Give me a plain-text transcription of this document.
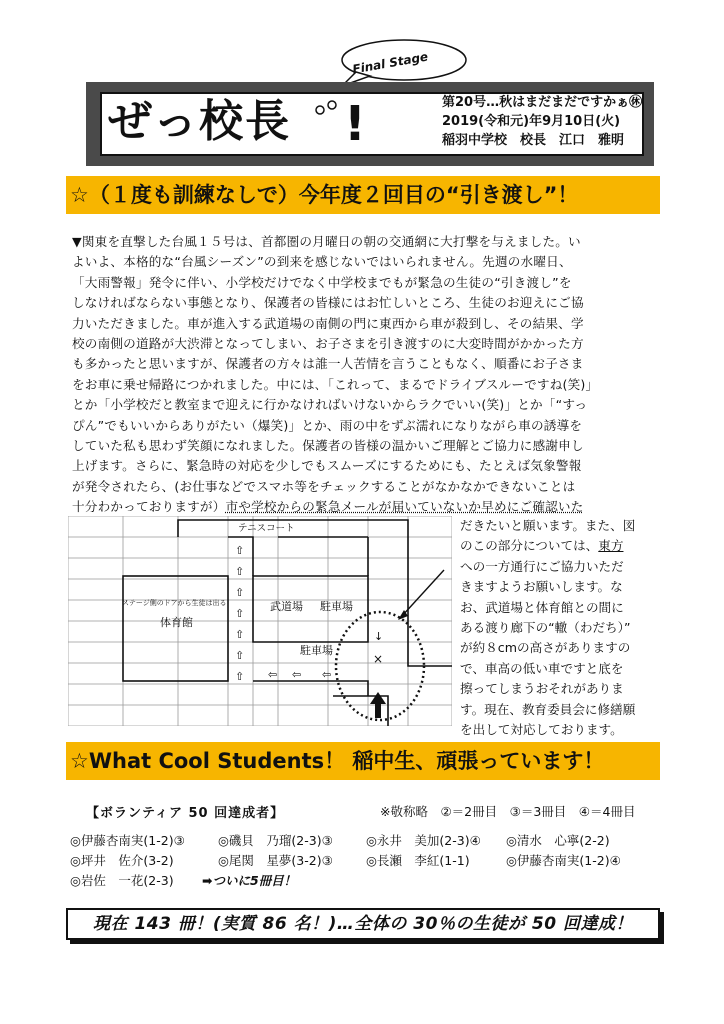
Final Stage
ぜっ校長 !	第20号…秋はまだまだですかぁ㊡
2019(令和元)年9月10日(火)
稲羽中学校　校長　江口　雅明
☆（１度も訓練なしで）今年度２回目の“引き渡し”！
▼関東を直撃した台風１５号は、首都圏の月曜日の朝の交通網に大打撃を与えました。い
よいよ、本格的な“台風シーズン”の到来を感じないではいられません。先週の水曜日、
「大雨警報」発令に伴い、小学校だけでなく中学校までもが緊急の生徒の“引き渡し”を
しなければならない事態となり、保護者の皆様にはお忙しいところ、生徒のお迎えにご協
力いただきました。車が進入する武道場の南側の門に東西から車が殺到し、その結果、学
校の南側の道路が大渋滞となってしまい、お子さまを引き渡すのに大変時間がかかった方
も多かったと思いますが、保護者の方々は誰一人苦情を言うこともなく、順番にお子さま
をお車に乗せ帰路につかれました。中には､「これって、まるでドライブスルーですね(笑)」
とか「小学校だと教室まで迎えに行かなければいけないからラクでいい(笑)」とか「“すっ
ぴん”でもいいからありがたい（爆笑)」とか、雨の中をずぶ濡れになりながら車の誘導を
していた私も思わず笑顔になれました。保護者の皆様の温かいご理解とご協力に感謝申し
上げます。さらに、緊急時の対応を少しでもスムーズにするためにも、たとえば気象警報
が発令されたら、(お仕事などでスマホ等をチェックすることがなかなかできないことは
十分わかっておりますが）市や学校からの緊急メールが届いていないか早めにご確認いた
だきたいと願います。また、図
のこの部分については、東方
への一方通行にご協力いただ
きますようお願いします。な
お、武道場と体育館との間に
ある渡り廊下の“轍（わだち）”
が約８cmの高さがありますの
で、車高の低い車ですと底を
擦ってしまうおそれがありま
す。現在、教育委員会に修繕願
を出して対応しております。
テニスコート
ステージ側のドアから生徒は出る
体育館
武道場 駐車場
駐車場
⇧
⇧
⇧
⇧
⇧
⇧
⇧ ⇦ ⇦ ⇦
↓
×
☆What Cool Students！ 稲中生、頑張っています！
【ボランティア 50 回達成者】	※敬称略　②＝2冊目　③＝3冊目　④＝4冊目
◎伊藤杏南実(1-2)③	◎磯貝　乃瑠(2-3)③	◎永井　美加(2-3)④ ◎清水　心寧(2-2)
◎坪井　佐介(3-2)	◎尾関　星夢(3-2)③	◎長瀬　李紅(1-1)	◎伊藤杏南実(1-2)④
◎岩佐　一花(2-3) ➡ついに5冊目！
現在 143 冊！(実質 86 名！)…全体の 30％の生徒が 50 回達成！
